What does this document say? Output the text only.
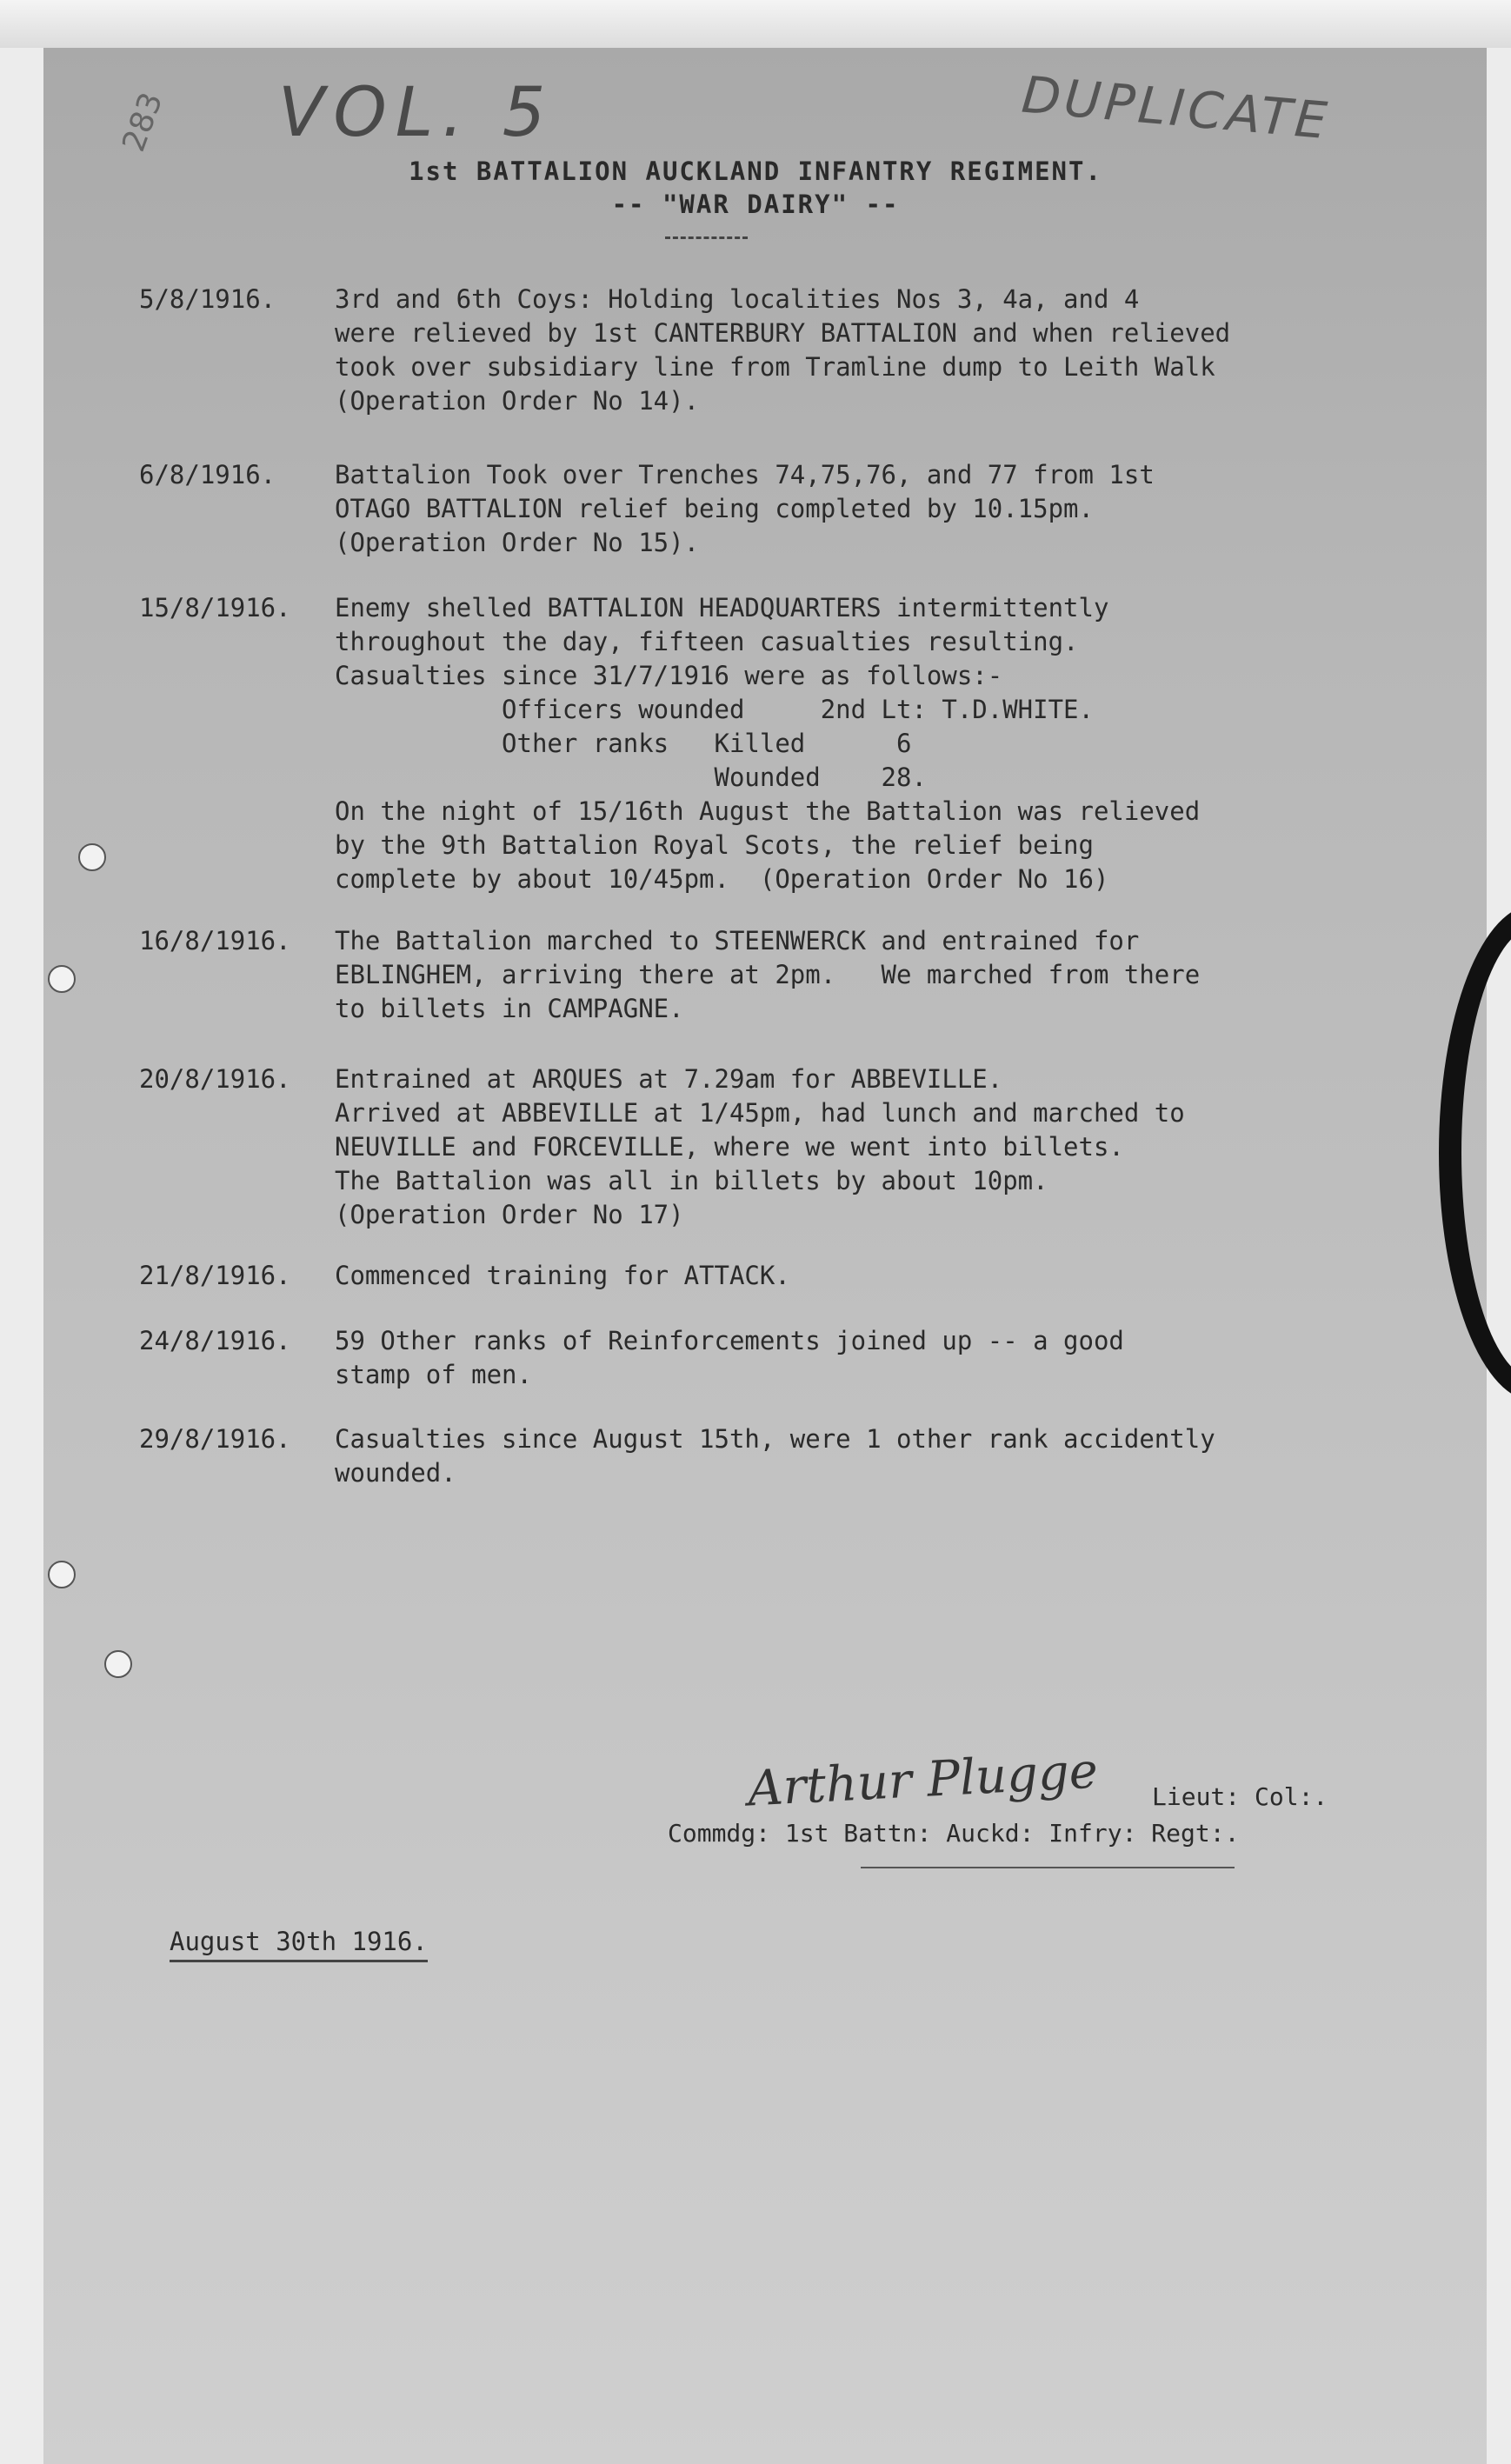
283 VOL. 5	DUPLICATE
1st BATTALION AUCKLAND INFANTRY REGIMENT.
-- "WAR DAIRY" --
5/8/1916.	3rd and 6th Coys: Holding localities Nos 3, 4a, and 4
were relieved by 1st CANTERBURY BATTALION and when relieved
took over subsidiary line from Tramline dump to Leith Walk
(Operation Order No 14).
6/8/1916.	Battalion Took over Trenches 74,75,76, and 77 from 1st
OTAGO BATTALION relief being completed by 10.15pm.
(Operation Order No 15).
15/8/1916.	Enemy shelled BATTALION HEADQUARTERS intermittently
throughout the day, fifteen casualties resulting.
Casualties since 31/7/1916 were as follows:-
Officers wounded     2nd Lt: T.D.WHITE.
Other ranks   Killed      6
Wounded    28.
On the night of 15/16th August the Battalion was relieved
by the 9th Battalion Royal Scots, the relief being
complete by about 10/45pm.  (Operation Order No 16)
16/8/1916.	The Battalion marched to STEENWERCK and entrained for
EBLINGHEM, arriving there at 2pm.   We marched from there
to billets in CAMPAGNE.
20/8/1916.	Entrained at ARQUES at 7.29am for ABBEVILLE.
Arrived at ABBEVILLE at 1/45pm, had lunch and marched to
NEUVILLE and FORCEVILLE, where we went into billets.
The Battalion was all in billets by about 10pm.
(Operation Order No 17)
21/8/1916.	Commenced training for ATTACK.
24/8/1916.	59 Other ranks of Reinforcements joined up -- a good
stamp of men.
29/8/1916.	Casualties since August 15th, were 1 other rank accidently
wounded.
Arthur Plugge Lieut: Col:.
Commdg: 1st Battn: Auckd: Infry: Regt:.
August 30th 1916.
